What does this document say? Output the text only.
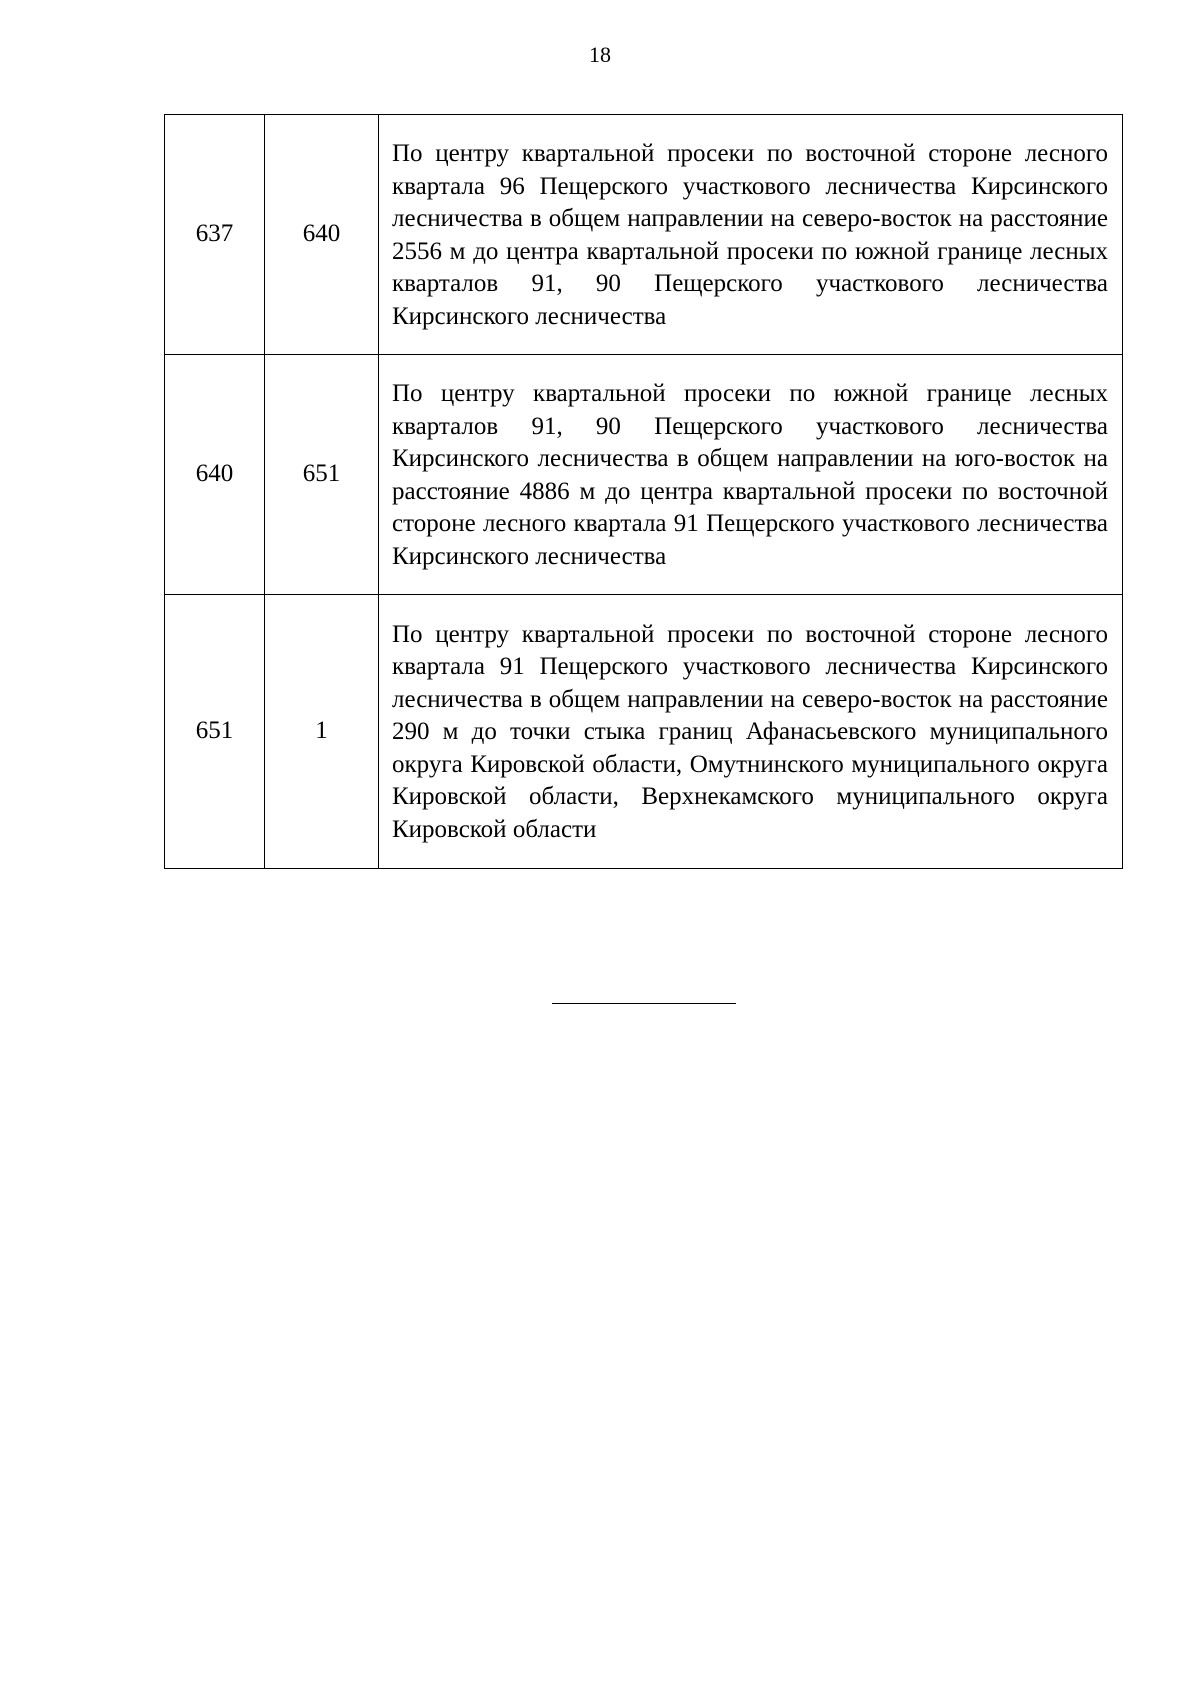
18
637	640	По центру квартальной просеки по восточной стороне лесного квартала 96 Пещерского участкового лесничества Кирсинского лесничества в общем направлении на северо-восток на расстояние 2556 м до центра квартальной просеки по южной границе лесных кварталов 91, 90 Пещерского участкового лесничества Кирсинского лесничества

640	651	По центру квартальной просеки по южной границе лесных кварталов 91, 90 Пещерского участкового лесничества Кирсинского лесничества в общем направлении на юго-восток на расстояние 4886 м до центра квартальной просеки по восточной стороне лесного квартала 91 Пещерского участкового лесничества Кирсинского лесничества

651	1	По центру квартальной просеки по восточной стороне лесного квартала 91 Пещерского участкового лесничества Кирсинского лесничества в общем направлении на северо-восток на расстояние 290 м до точки стыка границ Афанасьевского муниципального округа Кировской области, Омутнинского муниципального округа Кировской области, Верхнекамского муниципального округа Кировской области
